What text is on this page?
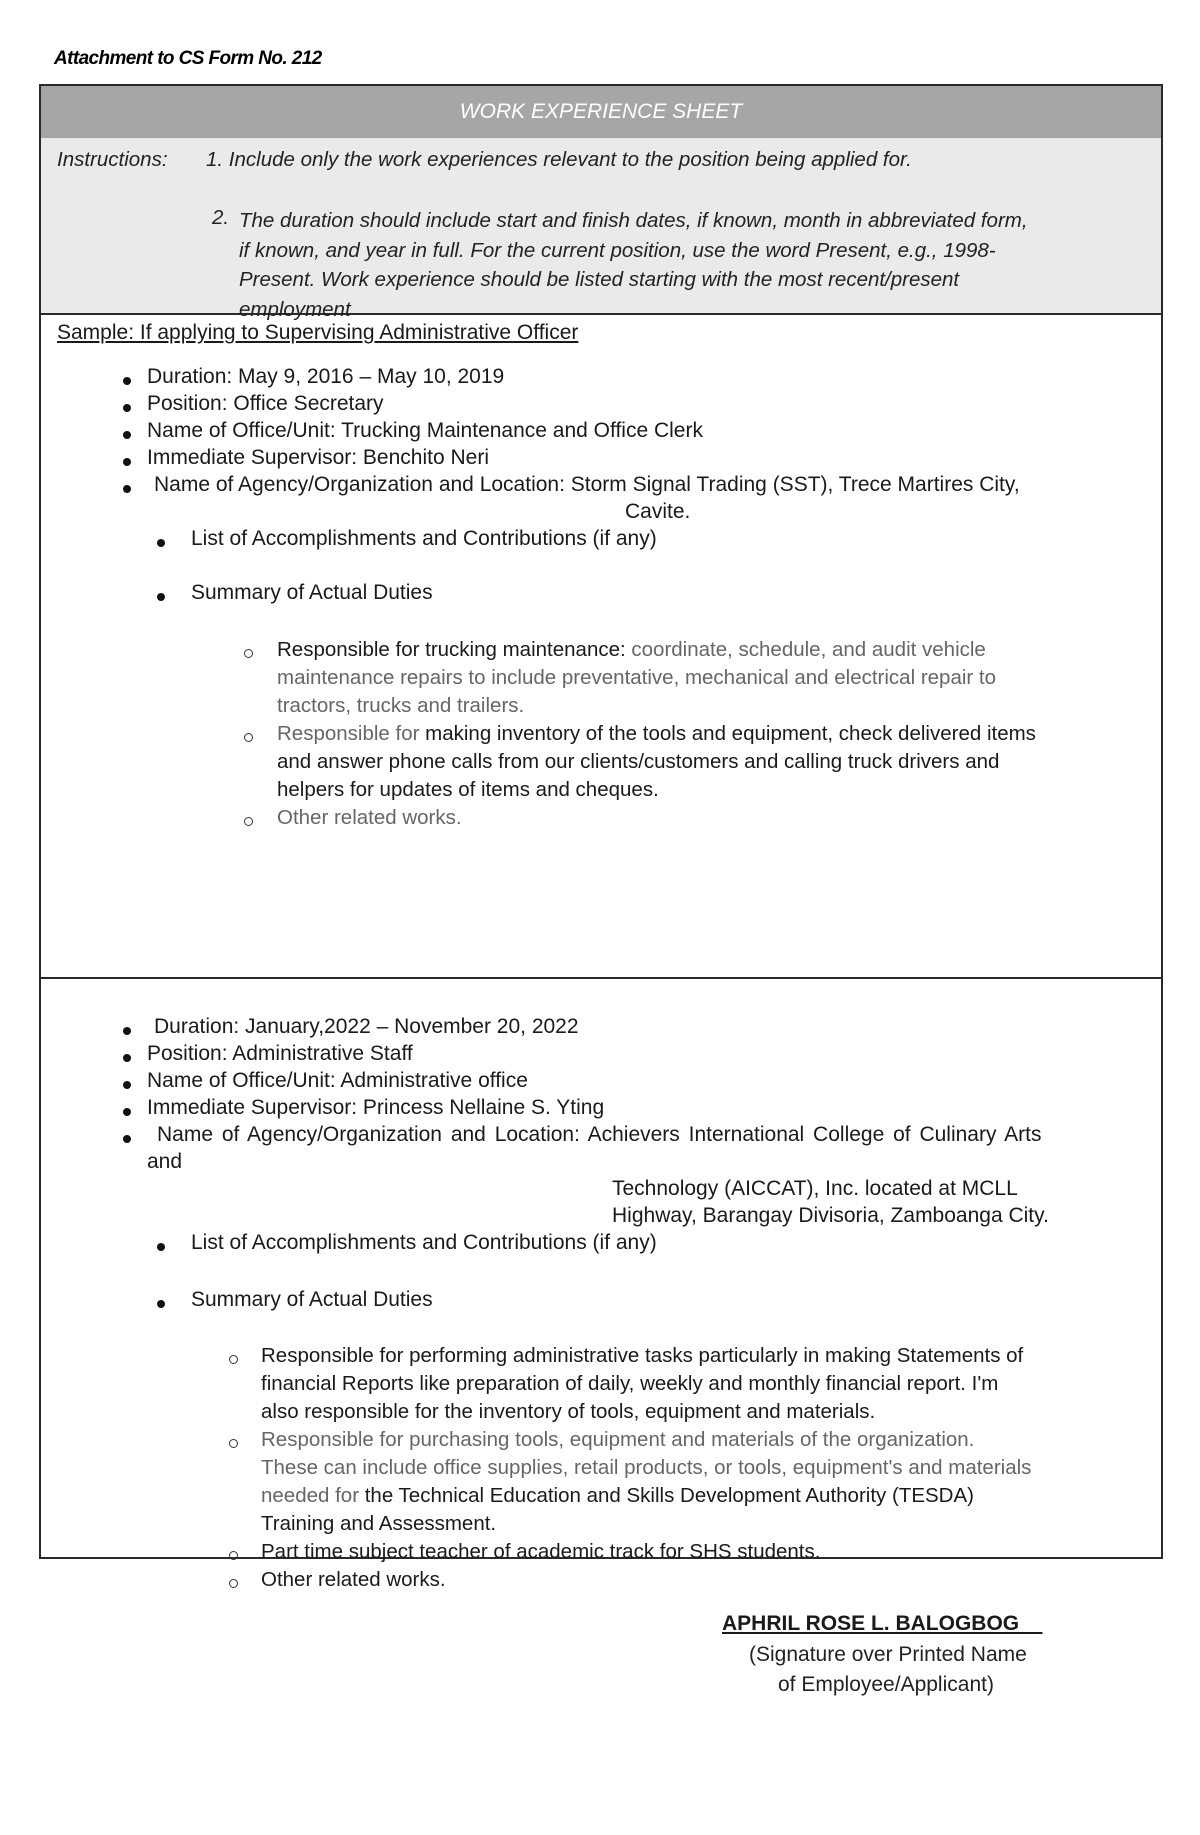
Attachment to CS Form No. 212
WORK EXPERIENCE SHEET
Instructions: 1. Include only the work experiences relevant to the position being applied for.
2. The duration should include start and finish dates, if known, month in abbreviated form,
if known, and year in full. For the current position, use the word Present, e.g., 1998-
Present. Work experience should be listed starting with the most recent/present
employment
Sample: If applying to Supervising Administrative Officer
Duration: May 9, 2016 – May 10, 2019
Position: Office Secretary
Name of Office/Unit: Trucking Maintenance and Office Clerk
Immediate Supervisor: Benchito Neri
Name of Agency/Organization and Location: Storm Signal Trading (SST), Trece Martires City,
Cavite.
List of Accomplishments and Contributions (if any)
Summary of Actual Duties
Responsible for trucking maintenance: coordinate, schedule, and audit vehicle
maintenance repairs to include preventative, mechanical and electrical repair to
tractors, trucks and trailers.
Responsible for making inventory of the tools and equipment, check delivered items
and answer phone calls from our clients/customers and calling truck drivers and
helpers for updates of items and cheques.
Other related works.
Duration: January,2022 – November 20, 2022
Position: Administrative Staff
Name of Office/Unit: Administrative office
Immediate Supervisor: Princess Nellaine S. Yting
Name of Agency/Organization and Location: Achievers International College of Culinary Arts
and
Technology (AICCAT), Inc. located at MCLL
Highway, Barangay Divisoria, Zamboanga City.
List of Accomplishments and Contributions (if any)
Summary of Actual Duties
Responsible for performing administrative tasks particularly in making Statements of
financial Reports like preparation of daily, weekly and monthly financial report. I'm
also responsible for the inventory of tools, equipment and materials.
Responsible for purchasing tools, equipment and materials of the organization.
These can include office supplies, retail products, or tools, equipment's and materials
needed for the Technical Education and Skills Development Authority (TESDA)
Training and Assessment.
Part time subject teacher of academic track for SHS students.
Other related works.
APHRIL ROSE L. BALOGBOG
(Signature over Printed Name
of Employee/Applicant)
